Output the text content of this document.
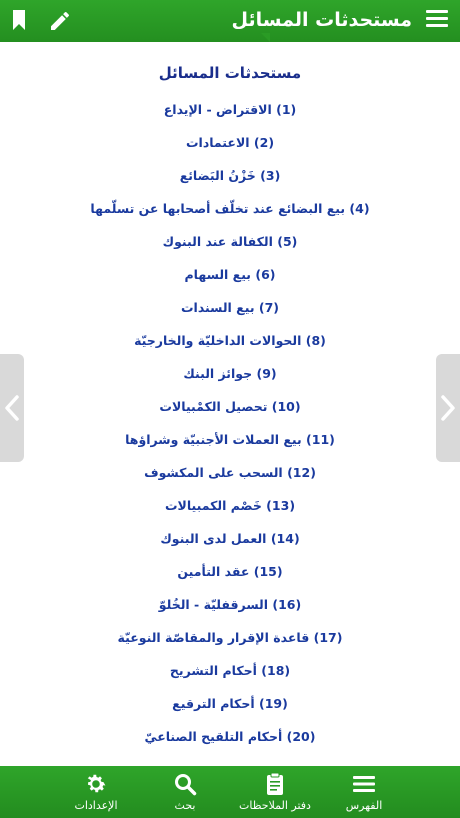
مستحدثات المسائل
مستحدثات المسائل
(1) الاقتراض - الإيداع
(2) الاعتمادات
(3) خَزْنُ البَضائع
(4) بيع البضائع عند تخلّف أصحابها عن تسلّمها
(5) الكفالة عند البنوك
(6) بيع السهام
(7) بيع السندات
(8) الحوالات الداخليّة والخارجيّة
(9) جوائز البنك
(10) تحصيل الكمْبيالات
(11) بيع العملات الأجنبيّة وشراؤها
(12) السحب على المكشوف
(13) خَصْم الكمبيالات
(14) العمل لدى البنوك
(15) عقد التأمين
(16) السرقفليّة - الخُلوّ
(17) قاعدة الإقرار والمقاصّة النوعيّة
(18) أحكام التشريح
(19) أحكام الترقيع
(20) أحكام التلقيح الصناعيّ
الفهرس
دفتر الملاحظات
بحث
الإعدادات
